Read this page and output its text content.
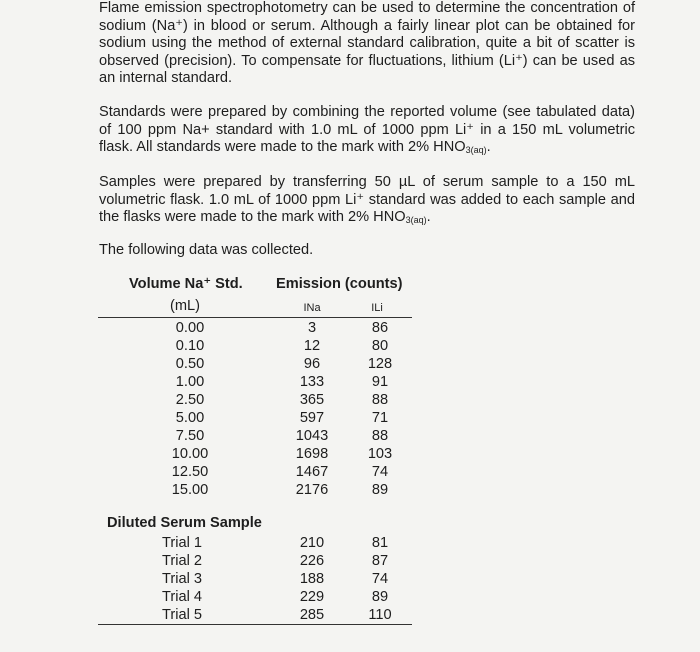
Flame emission spectrophotometry can be used to determine the concentration of sodium (Na⁺) in blood or serum. Although a fairly linear plot can be obtained for sodium using the method of external standard calibration, quite a bit of scatter is observed (precision). To compensate for fluctuations, lithium (Li⁺) can be used as an internal standard.

Standards were prepared by combining the reported volume (see tabulated data) of 100 ppm Na+ standard with 1.0 mL of 1000 ppm Li⁺ in a 150 mL volumetric flask. All standards were made to the mark with 2% $HNO_{3(aq)}$.

Samples were prepared by transferring 50 µL of serum sample to a 150 mL volumetric flask. 1.0 mL of 1000 ppm Li⁺ standard was added to each sample and the flasks were made to the mark with 2% $HNO_{3(aq)}$.

The following data was collected.

Volume Na⁺ Std. Emission (counts)
(mL)	INa	ILi
0.00	3	86
0.10	12	80
0.50	96	128
1.00	133	91
2.50	365	88
5.00	597	71
7.50	1043	88
10.00	1698	103
12.50	1467	74
15.00	2176	89
Diluted Serum Sample
Trial 1	210	81
Trial 2	226	87
Trial 3	188	74
Trial 4	229	89
Trial 5	285	110
